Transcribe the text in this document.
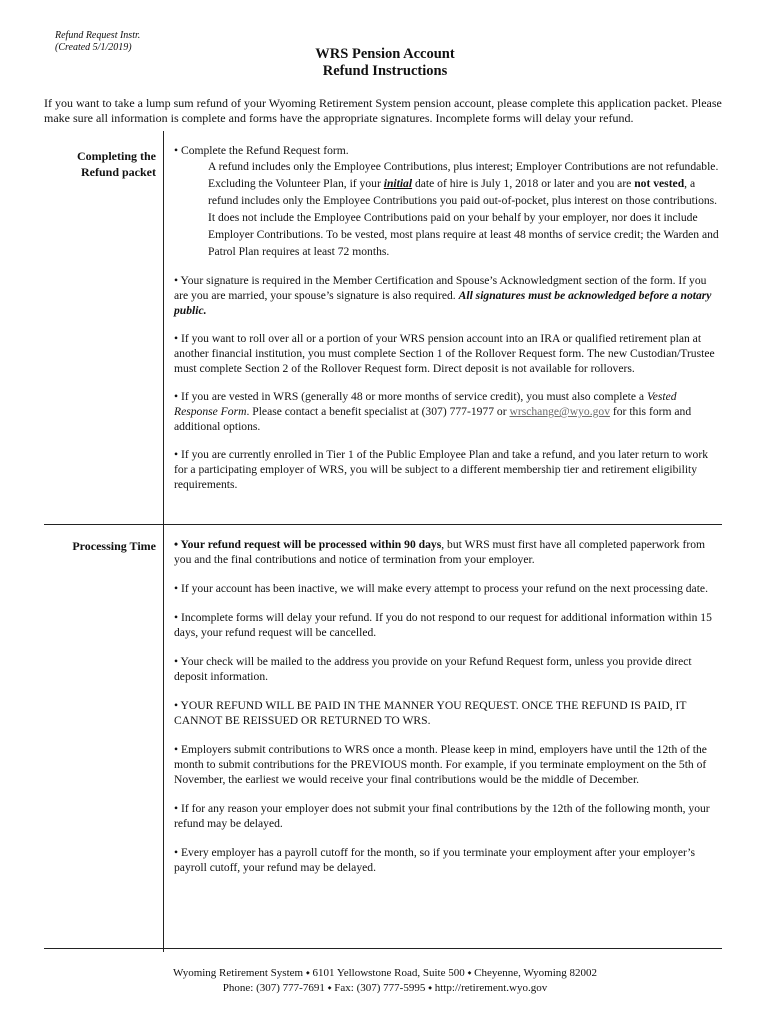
Refund Request Instr.
(Created 5/1/2019)	WRS Pension Account
Refund Instructions
If you want to take a lump sum refund of your Wyoming Retirement System pension account, please complete this application packet. Please make sure all information is complete and forms have the appropriate signatures. Incomplete forms will delay your refund.
Completing the
Refund packet

• Complete the Refund Request form.

A refund includes only the Employee Contributions, plus interest; Employer Contributions are not refundable. Excluding the Volunteer Plan, if your initial date of hire is July 1, 2018 or later and you are not vested, a refund includes only the Employee Contributions you paid out-of-pocket, plus interest on those contributions. It does not include the Employee Contributions paid on your behalf by your employer, nor does it include Employer Contributions. To be vested, most plans require at least 48 months of service credit; the Warden and Patrol Plan requires at least 72 months.

• Your signature is required in the Member Certification and Spouse’s Acknowledgment section of the form. If you are you are married, your spouse’s signature is also required. All signatures must be acknowledged before a notary public.

• If you want to roll over all or a portion of your WRS pension account into an IRA or qualified retirement plan at another financial institution, you must complete Section 1 of the Rollover Request form. The new Custodian/Trustee must complete Section 2 of the Rollover Request form. Direct deposit is not available for rollovers.

• If you are vested in WRS (generally 48 or more months of service credit), you must also complete a Vested Response Form. Please contact a benefit specialist at (307) 777-1977 or wrschange@wyo.gov for this form and additional options.

• If you are currently enrolled in Tier 1 of the Public Employee Plan and take a refund, and you later return to work for a participating employer of WRS, you will be subject to a different membership tier and retirement eligibility requirements.

Processing Time • Your refund request will be processed within 90 days, but WRS must first have all completed paperwork from you and the final contributions and notice of termination from your employer.

• If your account has been inactive, we will make every attempt to process your refund on the next processing date.

• Incomplete forms will delay your refund. If you do not respond to our request for additional information within 15 days, your refund request will be cancelled.

• Your check will be mailed to the address you provide on your Refund Request form, unless you provide direct deposit information.

• YOUR REFUND WILL BE PAID IN THE MANNER YOU REQUEST. ONCE THE REFUND IS PAID, IT CANNOT BE REISSUED OR RETURNED TO WRS.

• Employers submit contributions to WRS once a month. Please keep in mind, employers have until the 12th of the month to submit contributions for the PREVIOUS month. For example, if you terminate employment on the 5th of November, the earliest we would receive your final contributions would be the middle of December.

• If for any reason your employer does not submit your final contributions by the 12th of the following month, your refund may be delayed.

• Every employer has a payroll cutoff for the month, so if you terminate your employment after your employer’s payroll cutoff, your refund may be delayed.

Wyoming Retirement System ⬩ 6101 Yellowstone Road, Suite 500 ⬩ Cheyenne, Wyoming 82002
Phone: (307) 777-7691 ⬩ Fax: (307) 777-5995 ⬩ http://retirement.wyo.gov
